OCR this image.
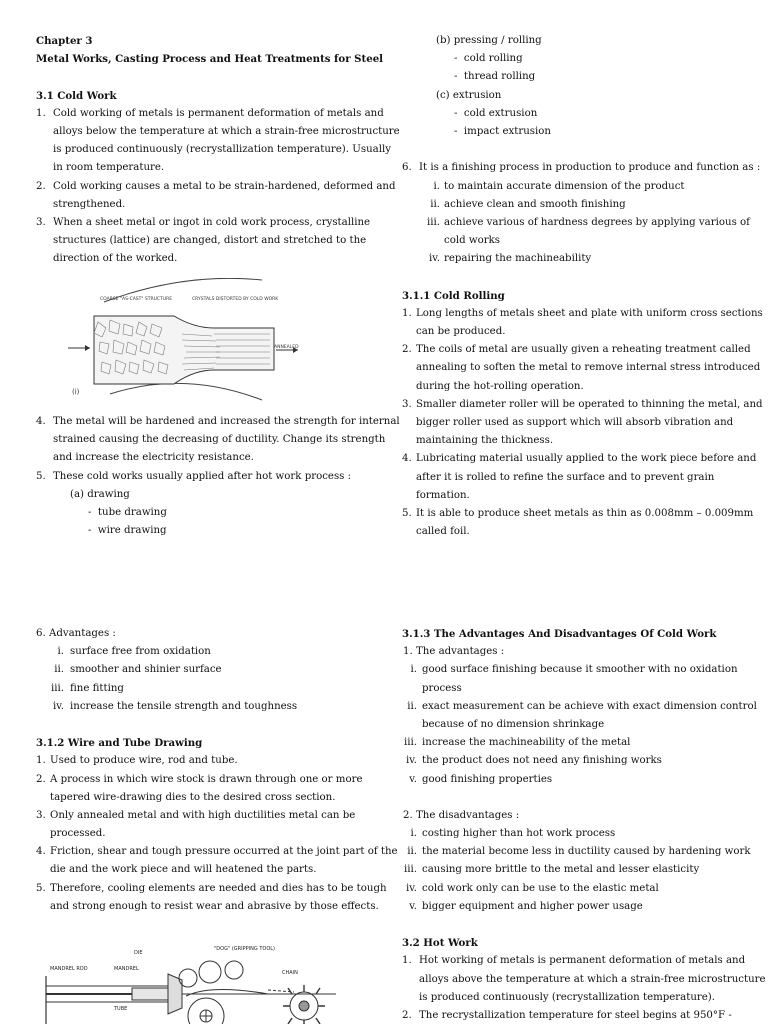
Chapter 3
Metal Works, Casting Process and Heat Treatments for Steel
3.1 Cold Work
1. Cold working of metals is permanent deformation of metals and
alloys below the temperature at which a strain-free microstructure
is produced continuously (recrystallization temperature). Usually
in room temperature.
2. Cold working causes a metal to be strain-hardened, deformed and
strengthened.
3. When a sheet metal or ingot in cold work process, crystalline
structures (lattice) are changed, distort and stretched to the
direction of the worked.
COARSE "AS-CAST" STRUCTURE	CRYSTALS DISTORTED BY COLD WORK
ANNEALED
(i)
4. The metal will be hardened and increased the strength for internal
strained causing the decreasing of ductility. Change its strength
and increase the electricity resistance.
5. These cold works usually applied after hot work process :
(a) drawing
-  tube drawing
-  wire drawing
(b) pressing / rolling
-  cold rolling
-  thread rolling
(c) extrusion
-  cold extrusion
-  impact extrusion
6. It is a finishing process in production to produce and function as :
i. to maintain accurate dimension of the product
ii. achieve clean and smooth finishing
iii. achieve various of hardness degrees by applying various of
cold works
iv. repairing the machineability
3.1.1 Cold Rolling
1. Long lengths of metals sheet and plate with uniform cross sections
can be produced.
2. The coils of metal are usually given a reheating treatment called
annealing to soften the metal to remove internal stress introduced
during the hot-rolling operation.
3. Smaller diameter roller will be operated to thinning the metal, and
bigger roller used as support which will absorb vibration and
maintaining the thickness.
4. Lubricating material usually applied to the work piece before and
after it is rolled to refine the surface and to prevent grain
formation.
5. It is able to produce sheet metals as thin as 0.008mm – 0.009mm
called foil.
6. Advantages :
i. surface free from oxidation
ii. smoother and shinier surface
iii. fine fitting
iv. increase the tensile strength and toughness
3.1.2 Wire and Tube Drawing
1. Used to produce wire, rod and tube.
2. A process in which wire stock is drawn through one or more
tapered wire-drawing dies to the desired cross section.
3. Only annealed metal and with high ductilities metal can be
processed.
4. Friction, shear and tough pressure occurred at the joint part of the
die and the work piece and will heatened the parts.
5. Therefore, cooling elements are needed and dies has to be tough
and strong enough to resist wear and abrasive by those effects.
MANDREL ROD	MANDREL
DIE
TUBE
"DOG" (GRIPPING TOOL)
CHAIN
3.1.3 The Advantages And Disadvantages Of Cold Work
1. The advantages :
i. good surface finishing because it smoother with no oxidation
process
ii. exact measurement can be achieve with exact dimension control
because of no dimension shrinkage
iii. increase the machineability of the metal
iv. the product does not need any finishing works
v. good finishing properties
2. The disadvantages :
i. costing higher than hot work process
ii. the material become less in ductility caused by hardening work
iii. causing more brittle to the metal and lesser elasticity
iv. cold work only can be use to the elastic metal
v. bigger equipment and higher power usage
3.2 Hot Work
1. Hot working of metals is permanent deformation of metals and
alloys above the temperature at which a strain-free microstructure
is produced continuously (recrystallization temperature).
2. The recrystallization temperature for steel begins at 950°F -
